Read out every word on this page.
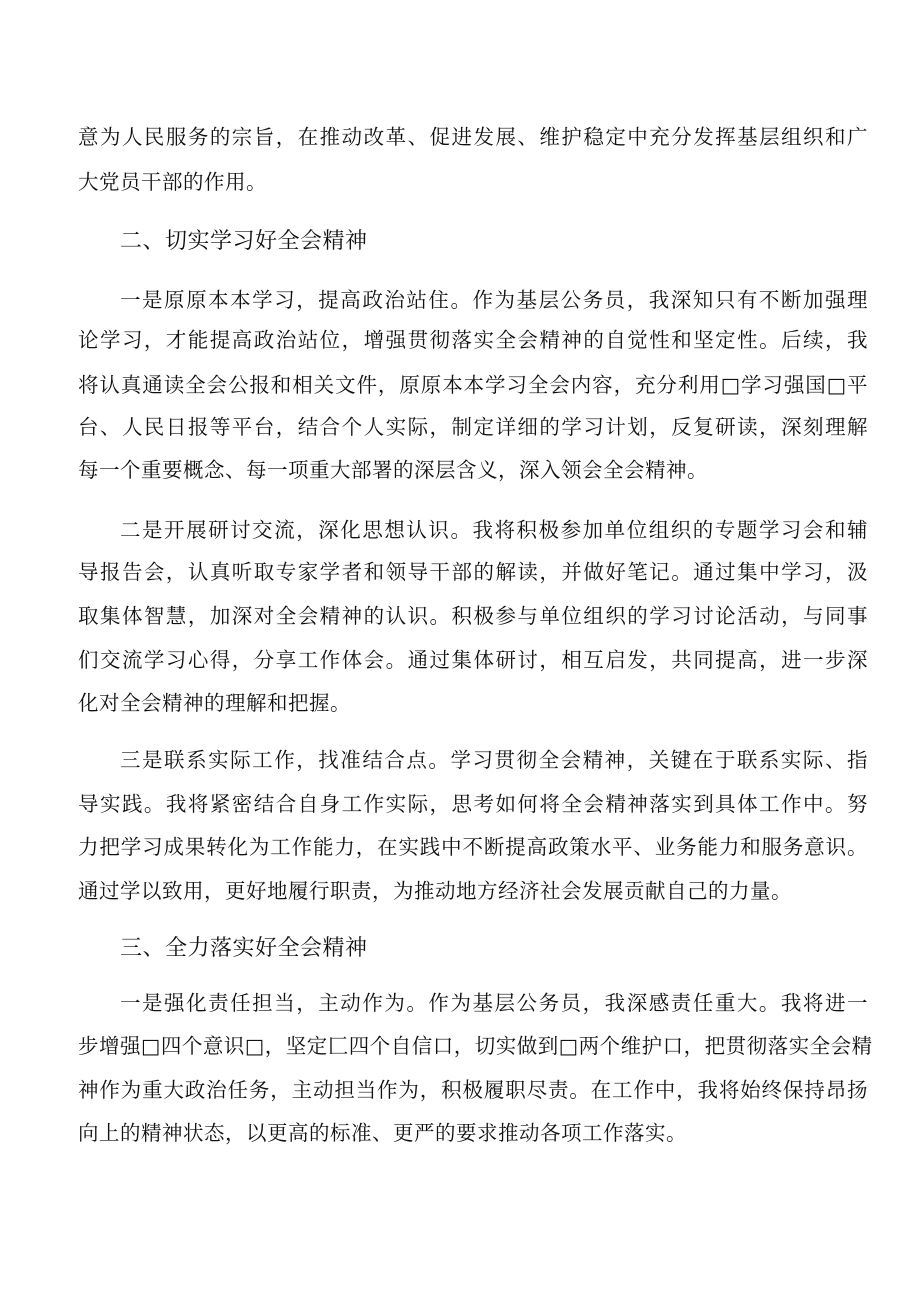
意为人民服务的宗旨，在推动改革、促进发展、维护稳定中充分发挥基层组织和广
大党员干部的作用。
二、切实学习好全会精神
一是原原本本学习，提高政治站住。作为基层公务员，我深知只有不断加强理
论学习，才能提高政治站位，增强贯彻落实全会精神的自觉性和坚定性。后续，我
将认真通读全会公报和相关文件，原原本本学习全会内容，充分利用□学习强国□平
台、人民日报等平台，结合个人实际，制定详细的学习计划，反复研读，深刻理解
每一个重要概念、每一项重大部署的深层含义，深入领会全会精神。
二是开展研讨交流，深化思想认识。我将积极参加单位组织的专题学习会和辅
导报告会，认真听取专家学者和领导干部的解读，并做好笔记。通过集中学习，汲
取集体智慧，加深对全会精神的认识。积极参与单位组织的学习讨论活动，与同事
们交流学习心得，分享工作体会。通过集体研讨，相互启发，共同提高，进一步深
化对全会精神的理解和把握。
三是联系实际工作，找准结合点。学习贯彻全会精神，关键在于联系实际、指
导实践。我将紧密结合自身工作实际，思考如何将全会精神落实到具体工作中。努
力把学习成果转化为工作能力，在实践中不断提高政策水平、业务能力和服务意识。
通过学以致用，更好地履行职责，为推动地方经济社会发展贡献自己的力量。
三、全力落实好全会精神
一是强化责任担当，主动作为。作为基层公务员，我深感责任重大。我将进一
步增强□四个意识□，坚定匚四个自信口，切实做到□两个维护口，把贯彻落实全会精
神作为重大政治任务，主动担当作为，积极履职尽责。在工作中，我将始终保持昂扬
向上的精神状态，以更高的标准、更严的要求推动各项工作落实。
